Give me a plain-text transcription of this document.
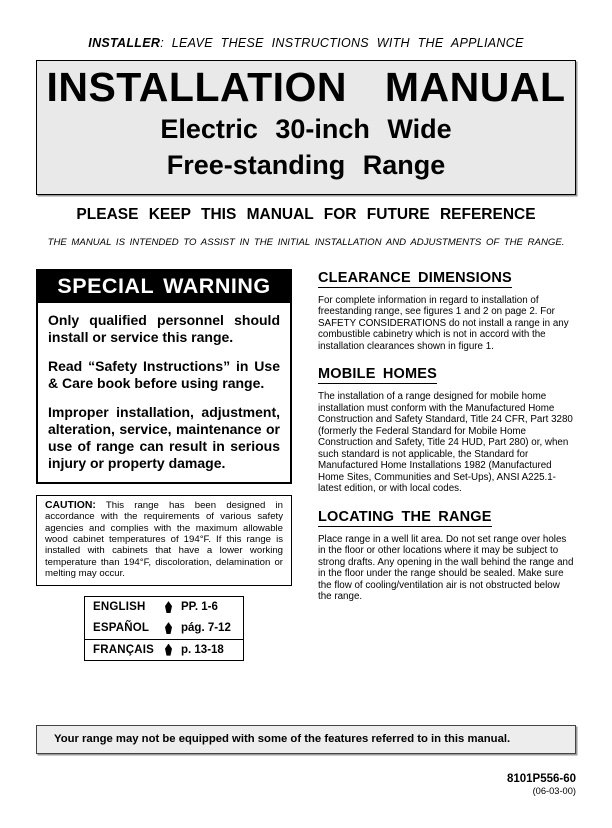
INSTALLER: LEAVE THESE INSTRUCTIONS WITH THE APPLIANCE
INSTALLATION MANUAL
Electric 30-inch Wide
Free-standing Range
PLEASE KEEP THIS MANUAL FOR FUTURE REFERENCE
THE MANUAL IS INTENDED TO ASSIST IN THE INITIAL INSTALLATION AND ADJUSTMENTS OF THE RANGE.
SPECIAL WARNING

Only qualified personnel should install or service this range.

Read “Safety Instructions” in Use & Care book before using range.

Improper installation, adjustment, alteration, service, maintenance or use of range can result in serious injury or property damage.

CAUTION: This range has been designed in accordance with the requirements of various safety agencies and complies with the maximum allowable wood cabinet temperatures of 194°F. If this range is installed with cabinets that have a lower working temperature than 194°F, discoloration, delamination or melting may occur.
ENGLISH	PP. 1-6
ESPAÑOL	pág. 7-12
FRANÇAIS	p. 13-18
CLEARANCE DIMENSIONS
For complete information in regard to installation of freestanding range, see figures 1 and 2 on page 2. For SAFETY CONSIDERATIONS do not install a range in any combustible cabinetry which is not in accord with the installation clearances shown in figure 1.
MOBILE HOMES
The installation of a range designed for mobile home installation must conform with the Manufactured Home Construction and Safety Standard, Title 24 CFR, Part 3280 (formerly the Federal Standard for Mobile Home Construction and Safety, Title 24 HUD, Part 280) or, when such standard is not applicable, the Standard for Manufactured Home Installations 1982 (Manufactured Home Sites, Communities and Set-Ups), ANSI A225.1-latest edition, or with local codes.
LOCATING THE RANGE
Place range in a well lit area. Do not set range over holes in the floor or other locations where it may be subject to strong drafts. Any opening in the wall behind the range and in the floor under the range should be sealed. Make sure the flow of cooling/ventilation air is not obstructed below the range.
Your range may not be equipped with some of the features referred to in this manual.
8101P556-60
(06-03-00)
